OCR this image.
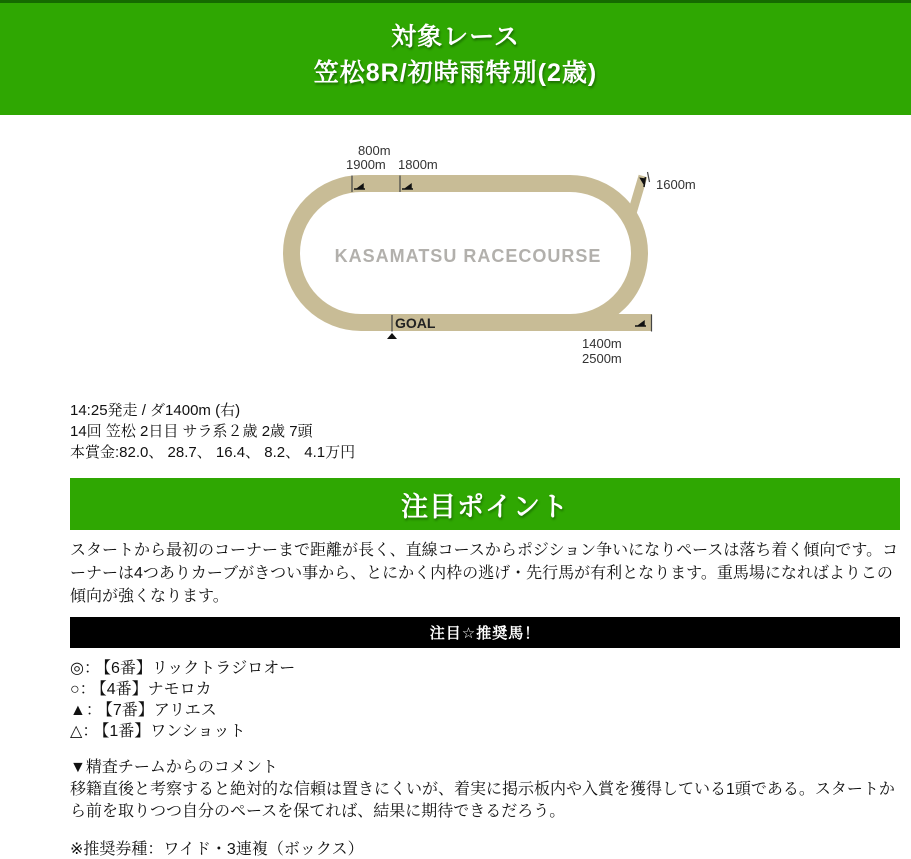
対象レース
笠松8R/初時雨特別(2歳)
800m
1900m 1800m
1600m
1400m
2500m
GOAL
KASAMATSU RACECOURSE
14:25発走 / ダ1400m (右)
14回 笠松 2日目 サラ系２歳 2歳 7頭
本賞金:82.0、 28.7、 16.4、 8.2、 4.1万円
注目ポイント
スタートから最初のコーナーまで距離が長く、直線コースからポジション争いになりペースは落ち着く傾向です。コーナーは4つありカーブがきつい事から、とにかく内枠の逃げ・先行馬が有利となります。重馬場になればよりこの傾向が強くなります。
注目☆推奨馬！
◎： 【6番】リックトラジロオー
○： 【4番】ナモロカ
▲： 【7番】アリエス
△： 【1番】ワンショット
▼精査チームからのコメント
移籍直後と考察すると絶対的な信頼は置きにくいが、着実に掲示板内や入賞を獲得している1頭である。スタートから前を取りつつ自分のペースを保てれば、結果に期待できるだろう。
※推奨券種：ワイド・3連複（ボックス）
